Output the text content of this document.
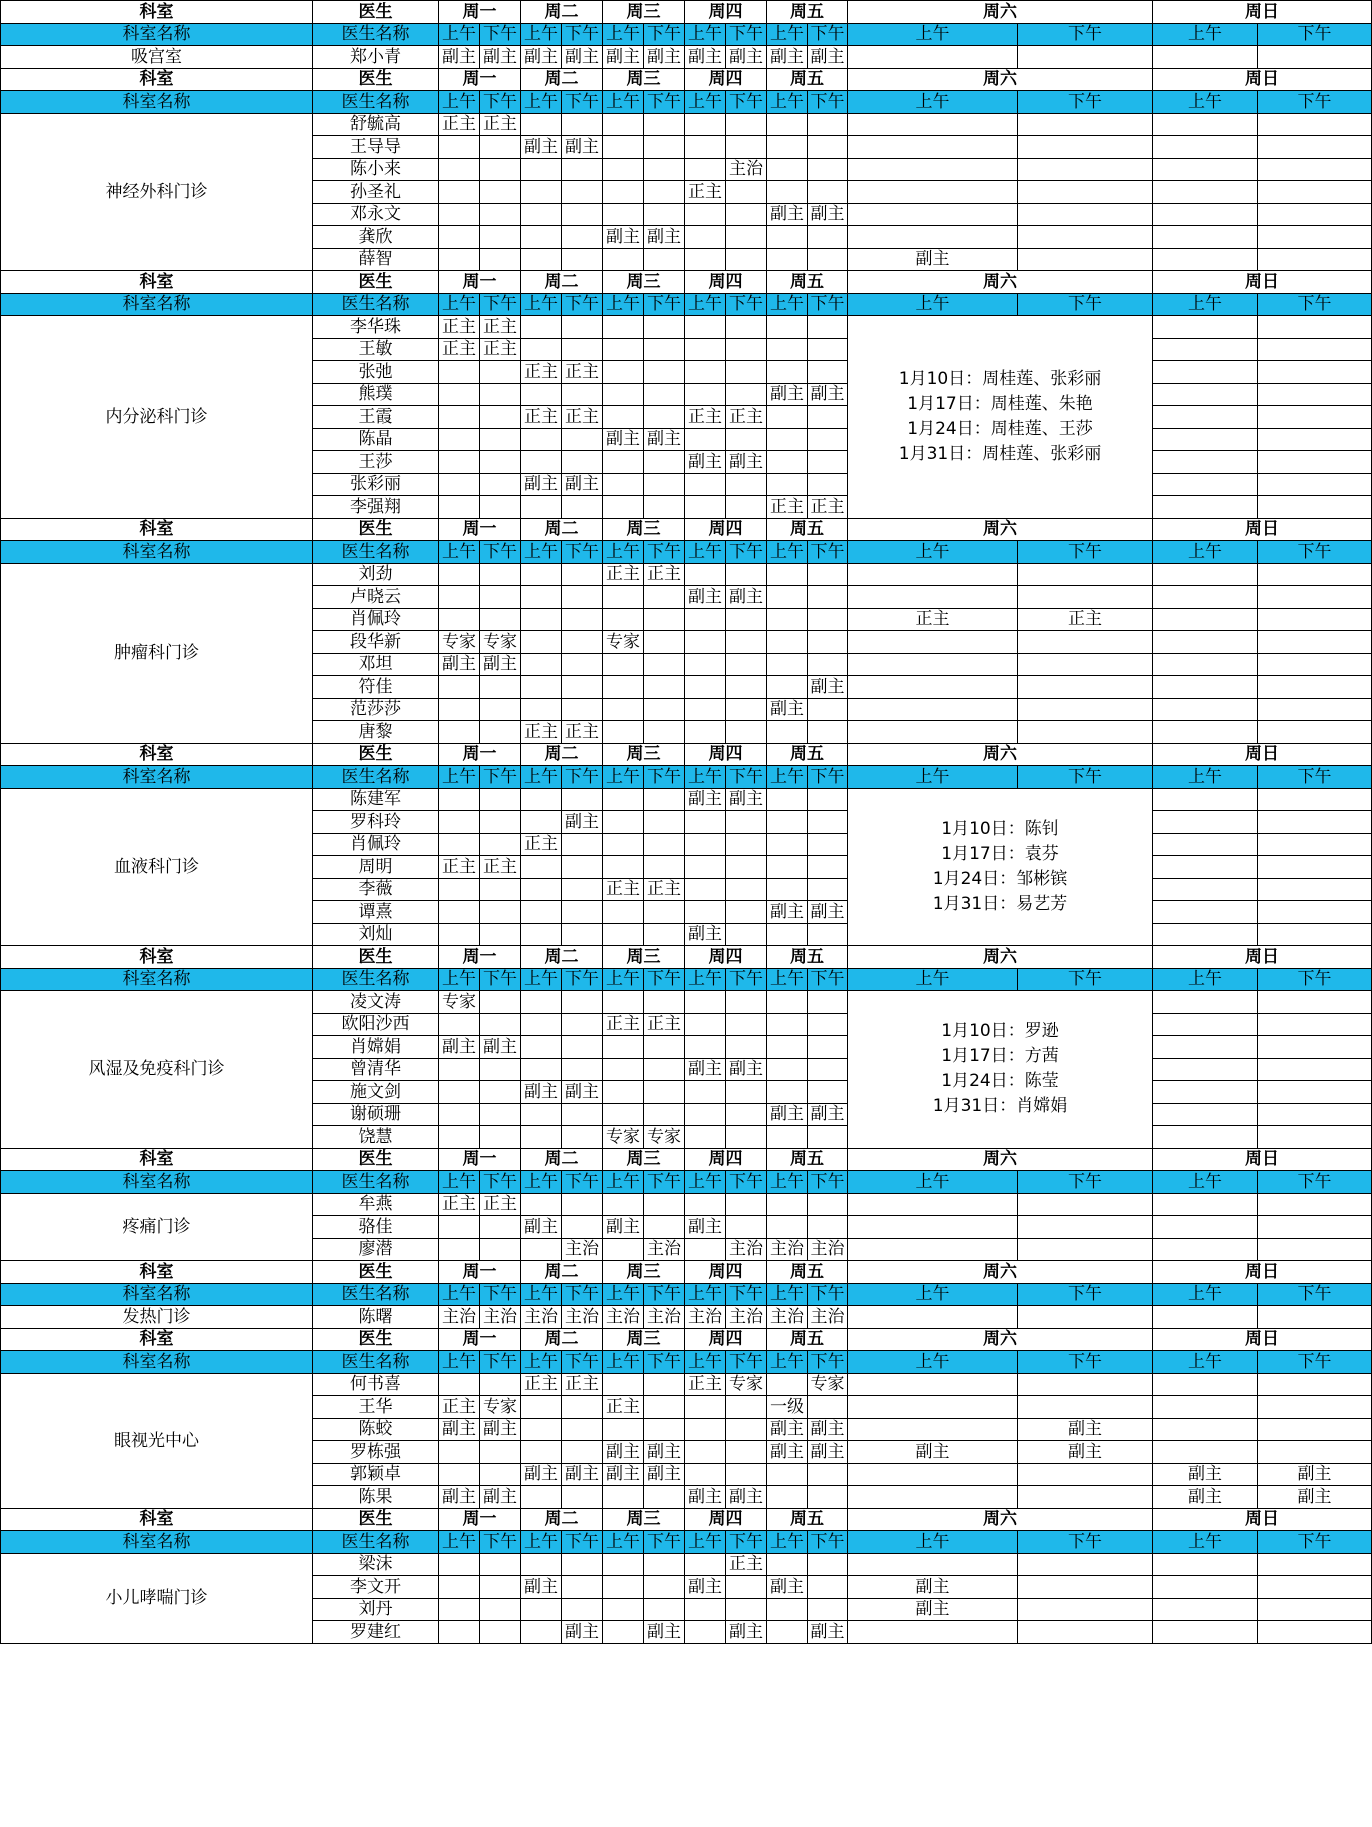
科室	医生	周一		周二		周三		周四		周五		周六		周日	
科室名称	医生名称	上午	下午	上午	下午	上午	下午	上午	下午	上午	下午	上午	下午	上午	下午
吸宫室	郑小青	副主	副主	副主	副主	副主	副主	副主	副主	副主	副主				
科室	医生	周一		周二		周三		周四		周五		周六		周日	
科室名称	医生名称	上午	下午	上午	下午	上午	下午	上午	下午	上午	下午	上午	下午	上午	下午
神经外科门诊	舒毓高	正主	正主												
	王导导			副主	副主										
	陈小来								主治						
	孙圣礼							正主							
	邓永文									副主	副主				
	龚欣					副主	副主								
	薛智											副主			
科室	医生	周一		周二		周三		周四		周五		周六		周日	
科室名称	医生名称	上午	下午	上午	下午	上午	下午	上午	下午	上午	下午	上午	下午	上午	下午
内分泌科门诊	李华珠	正主	正主									1月10日：周桂莲、张彩丽
1月17日：周桂莲、朱艳
1月24日：周桂莲、王莎
1月31日：周桂莲、张彩丽			
	王敏	正主	正主												
	张弛			正主	正主										
	熊璞									副主	副主				
	王霞			正主	正主			正主	正主						
	陈晶					副主	副主								
	王莎							副主	副主						
	张彩丽			副主	副主										
	李强翔									正主	正主				
科室	医生	周一		周二		周三		周四		周五		周六		周日	
科室名称	医生名称	上午	下午	上午	下午	上午	下午	上午	下午	上午	下午	上午	下午	上午	下午
肿瘤科门诊	刘劲					正主	正主								
	卢晓云							副主	副主						
	肖佩玲											正主	正主		
	段华新	专家	专家			专家									
	邓坦	副主	副主												
	符佳										副主				
	范莎莎									副主					
	唐黎			正主	正主										
科室	医生	周一		周二		周三		周四		周五		周六		周日	
科室名称	医生名称	上午	下午	上午	下午	上午	下午	上午	下午	上午	下午	上午	下午	上午	下午
血液科门诊	陈建军							副主	副主			1月10日：陈钊
1月17日：袁芬
1月24日：邹彬镔
1月31日：易艺芳			
	罗科玲				副主										
	肖佩玲			正主											
	周明	正主	正主												
	李薇					正主	正主								
	谭熹									副主	副主				
	刘灿							副主							
科室	医生	周一		周二		周三		周四		周五		周六		周日	
科室名称	医生名称	上午	下午	上午	下午	上午	下午	上午	下午	上午	下午	上午	下午	上午	下午
风湿及免疫科门诊	凌文涛	专家										1月10日：罗逊
1月17日：方茜
1月24日：陈莹
1月31日：肖嫦娟			
	欧阳沙西					正主	正主								
	肖嫦娟	副主	副主												
	曾清华							副主	副主						
	施文剑			副主	副主										
	谢硕珊									副主	副主				
	饶慧					专家	专家								
科室	医生	周一		周二		周三		周四		周五		周六		周日	
科室名称	医生名称	上午	下午	上午	下午	上午	下午	上午	下午	上午	下午	上午	下午	上午	下午
疼痛门诊	牟燕	正主	正主												
	骆佳			副主		副主		副主							
	廖潜				主治		主治		主治	主治	主治				
科室	医生	周一		周二		周三		周四		周五		周六		周日	
科室名称	医生名称	上午	下午	上午	下午	上午	下午	上午	下午	上午	下午	上午	下午	上午	下午
发热门诊	陈曙	主治	主治	主治	主治	主治	主治	主治	主治	主治	主治				
科室	医生	周一		周二		周三		周四		周五		周六		周日	
科室名称	医生名称	上午	下午	上午	下午	上午	下午	上午	下午	上午	下午	上午	下午	上午	下午
眼视光中心	何书喜			正主	正主			正主	专家		专家				
	王华	正主	专家			正主				一级					
	陈蛟	副主	副主							副主	副主		副主		
	罗栋强					副主	副主			副主	副主	副主	副主		
	郭颖卓			副主	副主	副主	副主							副主	副主
	陈果	副主	副主					副主	副主					副主	副主
科室	医生	周一		周二		周三		周四		周五		周六		周日	
科室名称	医生名称	上午	下午	上午	下午	上午	下午	上午	下午	上午	下午	上午	下午	上午	下午
小儿哮喘门诊	梁沫								正主						
	李文开			副主				副主		副主		副主			
	刘丹											副主			
	罗建红				副主		副主		副主		副主				
